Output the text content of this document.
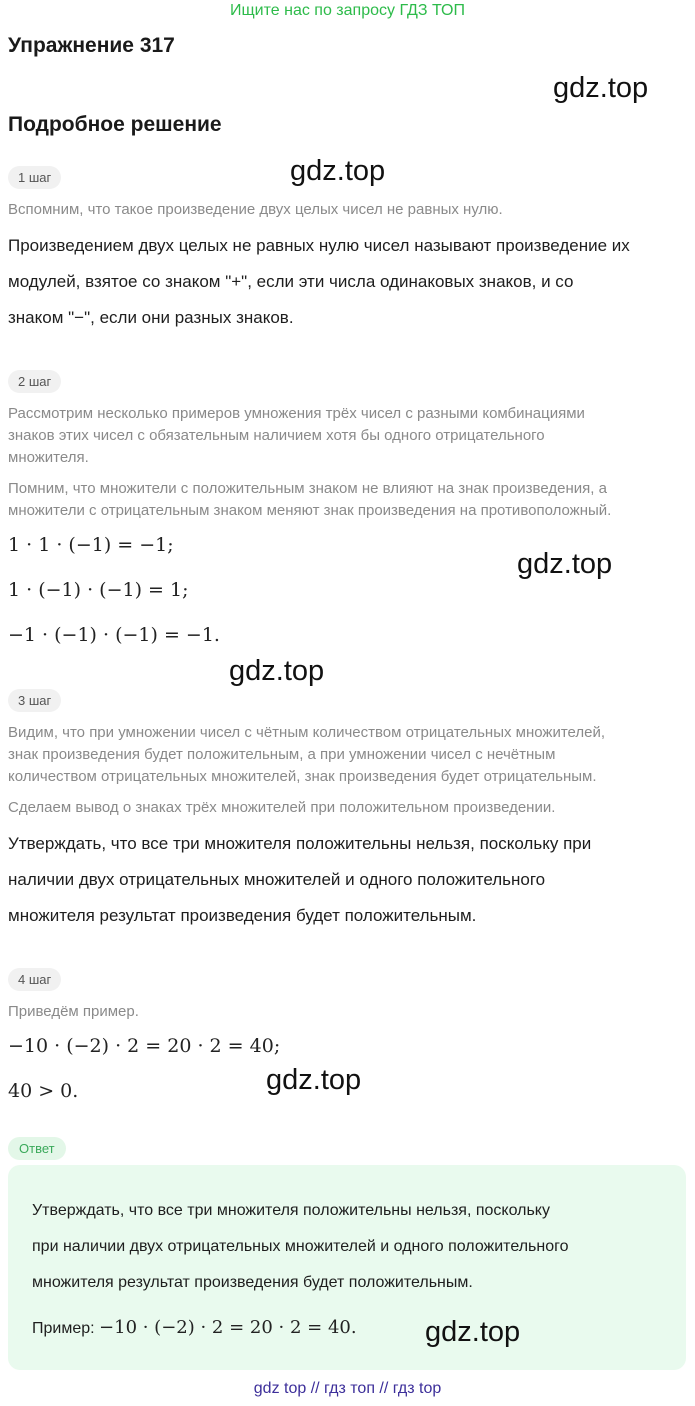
Ищите нас по запросу ГДЗ ТОП
Упражнение 317
gdz.top
Подробное решение
1 шаг	gdz.top
Вспомним, что такое произведение двух целых чисел не равных нулю.
Произведением двух целых не равных нулю чисел называют произведение их
модулей, взятое со знаком "+", если эти числа одинаковых знаков, и со
знаком "−", если они разных знаков.
2 шаг
Рассмотрим несколько примеров умножения трёх чисел с разными комбинациями
знаков этих чисел с обязательным наличием хотя бы одного отрицательного
множителя.
Помним, что множители с положительным знаком не влияют на знак произведения, а
множители с отрицательным знаком меняют знак произведения на противоположный.
1 · 1 · (−1) = −1;
gdz.top
1 · (−1) · (−1) = 1;
−1 · (−1) · (−1) = −1.
gdz.top
3 шаг
Видим, что при умножении чисел с чётным количеством отрицательных множителей,
знак произведения будет положительным, а при умножении чисел с нечётным
количеством отрицательных множителей, знак произведения будет отрицательным.
Сделаем вывод о знаках трёх множителей при положительном произведении.
Утверждать, что все три множителя положительны нельзя, поскольку при
наличии двух отрицательных множителей и одного положительного
множителя результат произведения будет положительным.
4 шаг
Приведём пример.
−10 · (−2) · 2 = 20 · 2 = 40;
gdz.top
40 > 0.
Ответ
Утверждать, что все три множителя положительны нельзя, поскольку
при наличии двух отрицательных множителей и одного положительного
множителя результат произведения будет положительным.
Пример: −10 · (−2) · 2 = 20 · 2 = 40. gdz.top
gdz top // гдз топ // гдз top
